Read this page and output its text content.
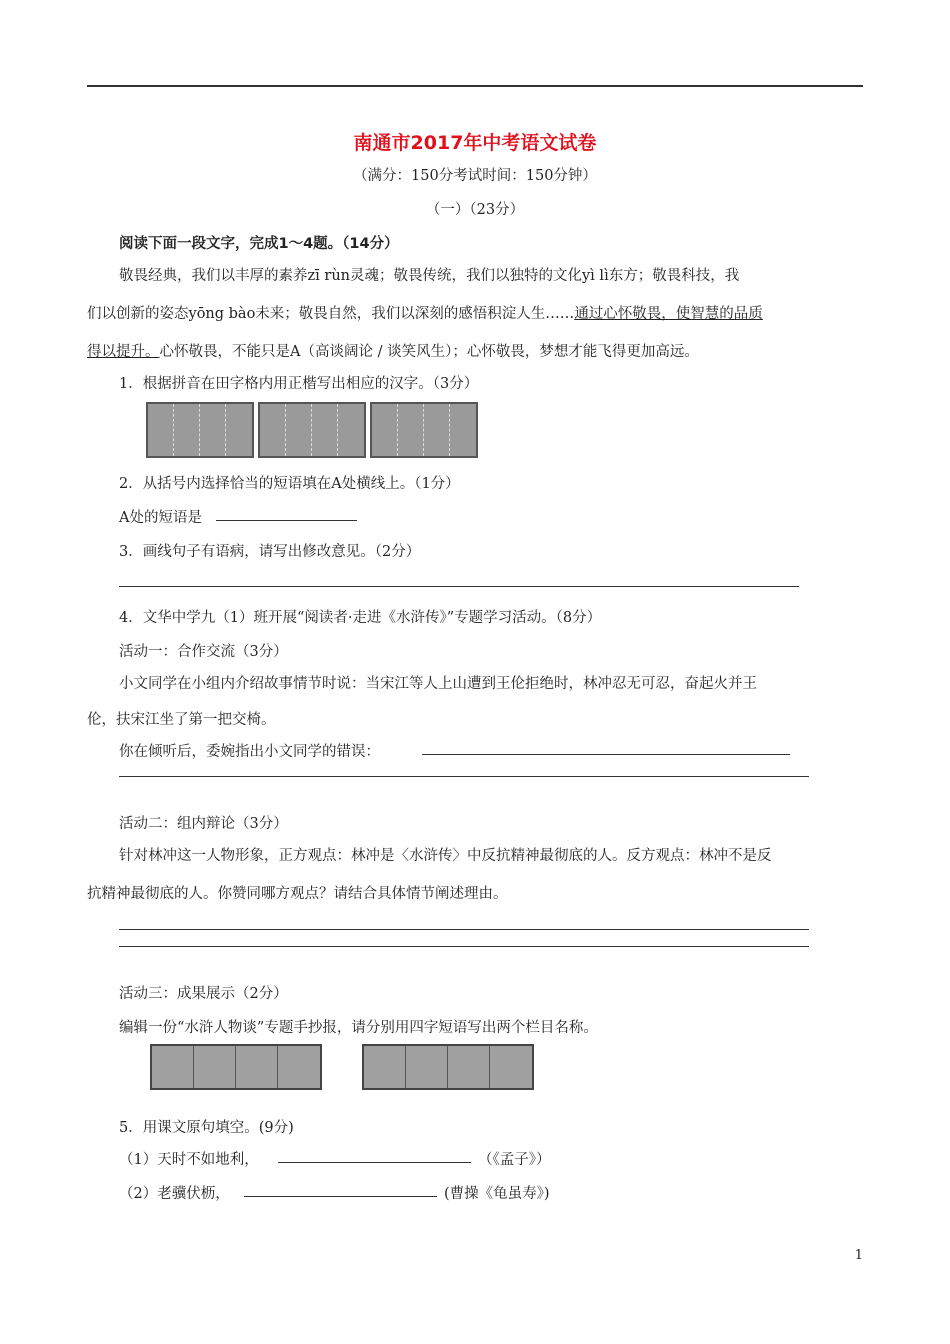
南通市2017年中考语文试卷
（满分：150分考试时间：150分钟）
（一）（23分）
阅读下面一段文字，完成1～4题。（14分）
敬畏经典，我们以丰厚的素养zī rùn灵魂；敬畏传统，我们以独特的文化yì lì东方；敬畏科技，我
们以创新的姿态yōng bào未来；敬畏自然，我们以深刻的感悟积淀人生……通过心怀敬畏，使智慧的品质
得以提升。心怀敬畏，不能只是A（高谈阔论 / 谈笑风生）；心怀敬畏，梦想才能飞得更加高远。
1．根据拼音在田字格内用正楷写出相应的汉字。（3分）
2．从括号内选择恰当的短语填在A处横线上。（1分）
A处的短语是
3．画线句子有语病，请写出修改意见。（2分）
4．文华中学九（1）班开展“阅读者·走进《水浒传》”专题学习活动。（8分）
活动一：合作交流（3分）
小文同学在小组内介绍故事情节时说：当宋江等人上山遭到王伦拒绝时，林冲忍无可忍，奋起火并王
伦，扶宋江坐了第一把交椅。
你在倾听后，委婉指出小文同学的错误：
活动二：组内辩论（3分）
针对林冲这一人物形象，正方观点：林冲是〈水浒传〉中反抗精神最彻底的人。反方观点：林冲不是反
抗精神最彻底的人。你赞同哪方观点？请结合具体情节阐述理由。
活动三：成果展示（2分）
编辑一份“水浒人物谈”专题手抄报，请分别用四字短语写出两个栏目名称。
5．用课文原句填空。(9分)
（1）天时不如地利，	（《孟子》）
（2）老骥伏枥，	(曹操《龟虽寿》)
1
